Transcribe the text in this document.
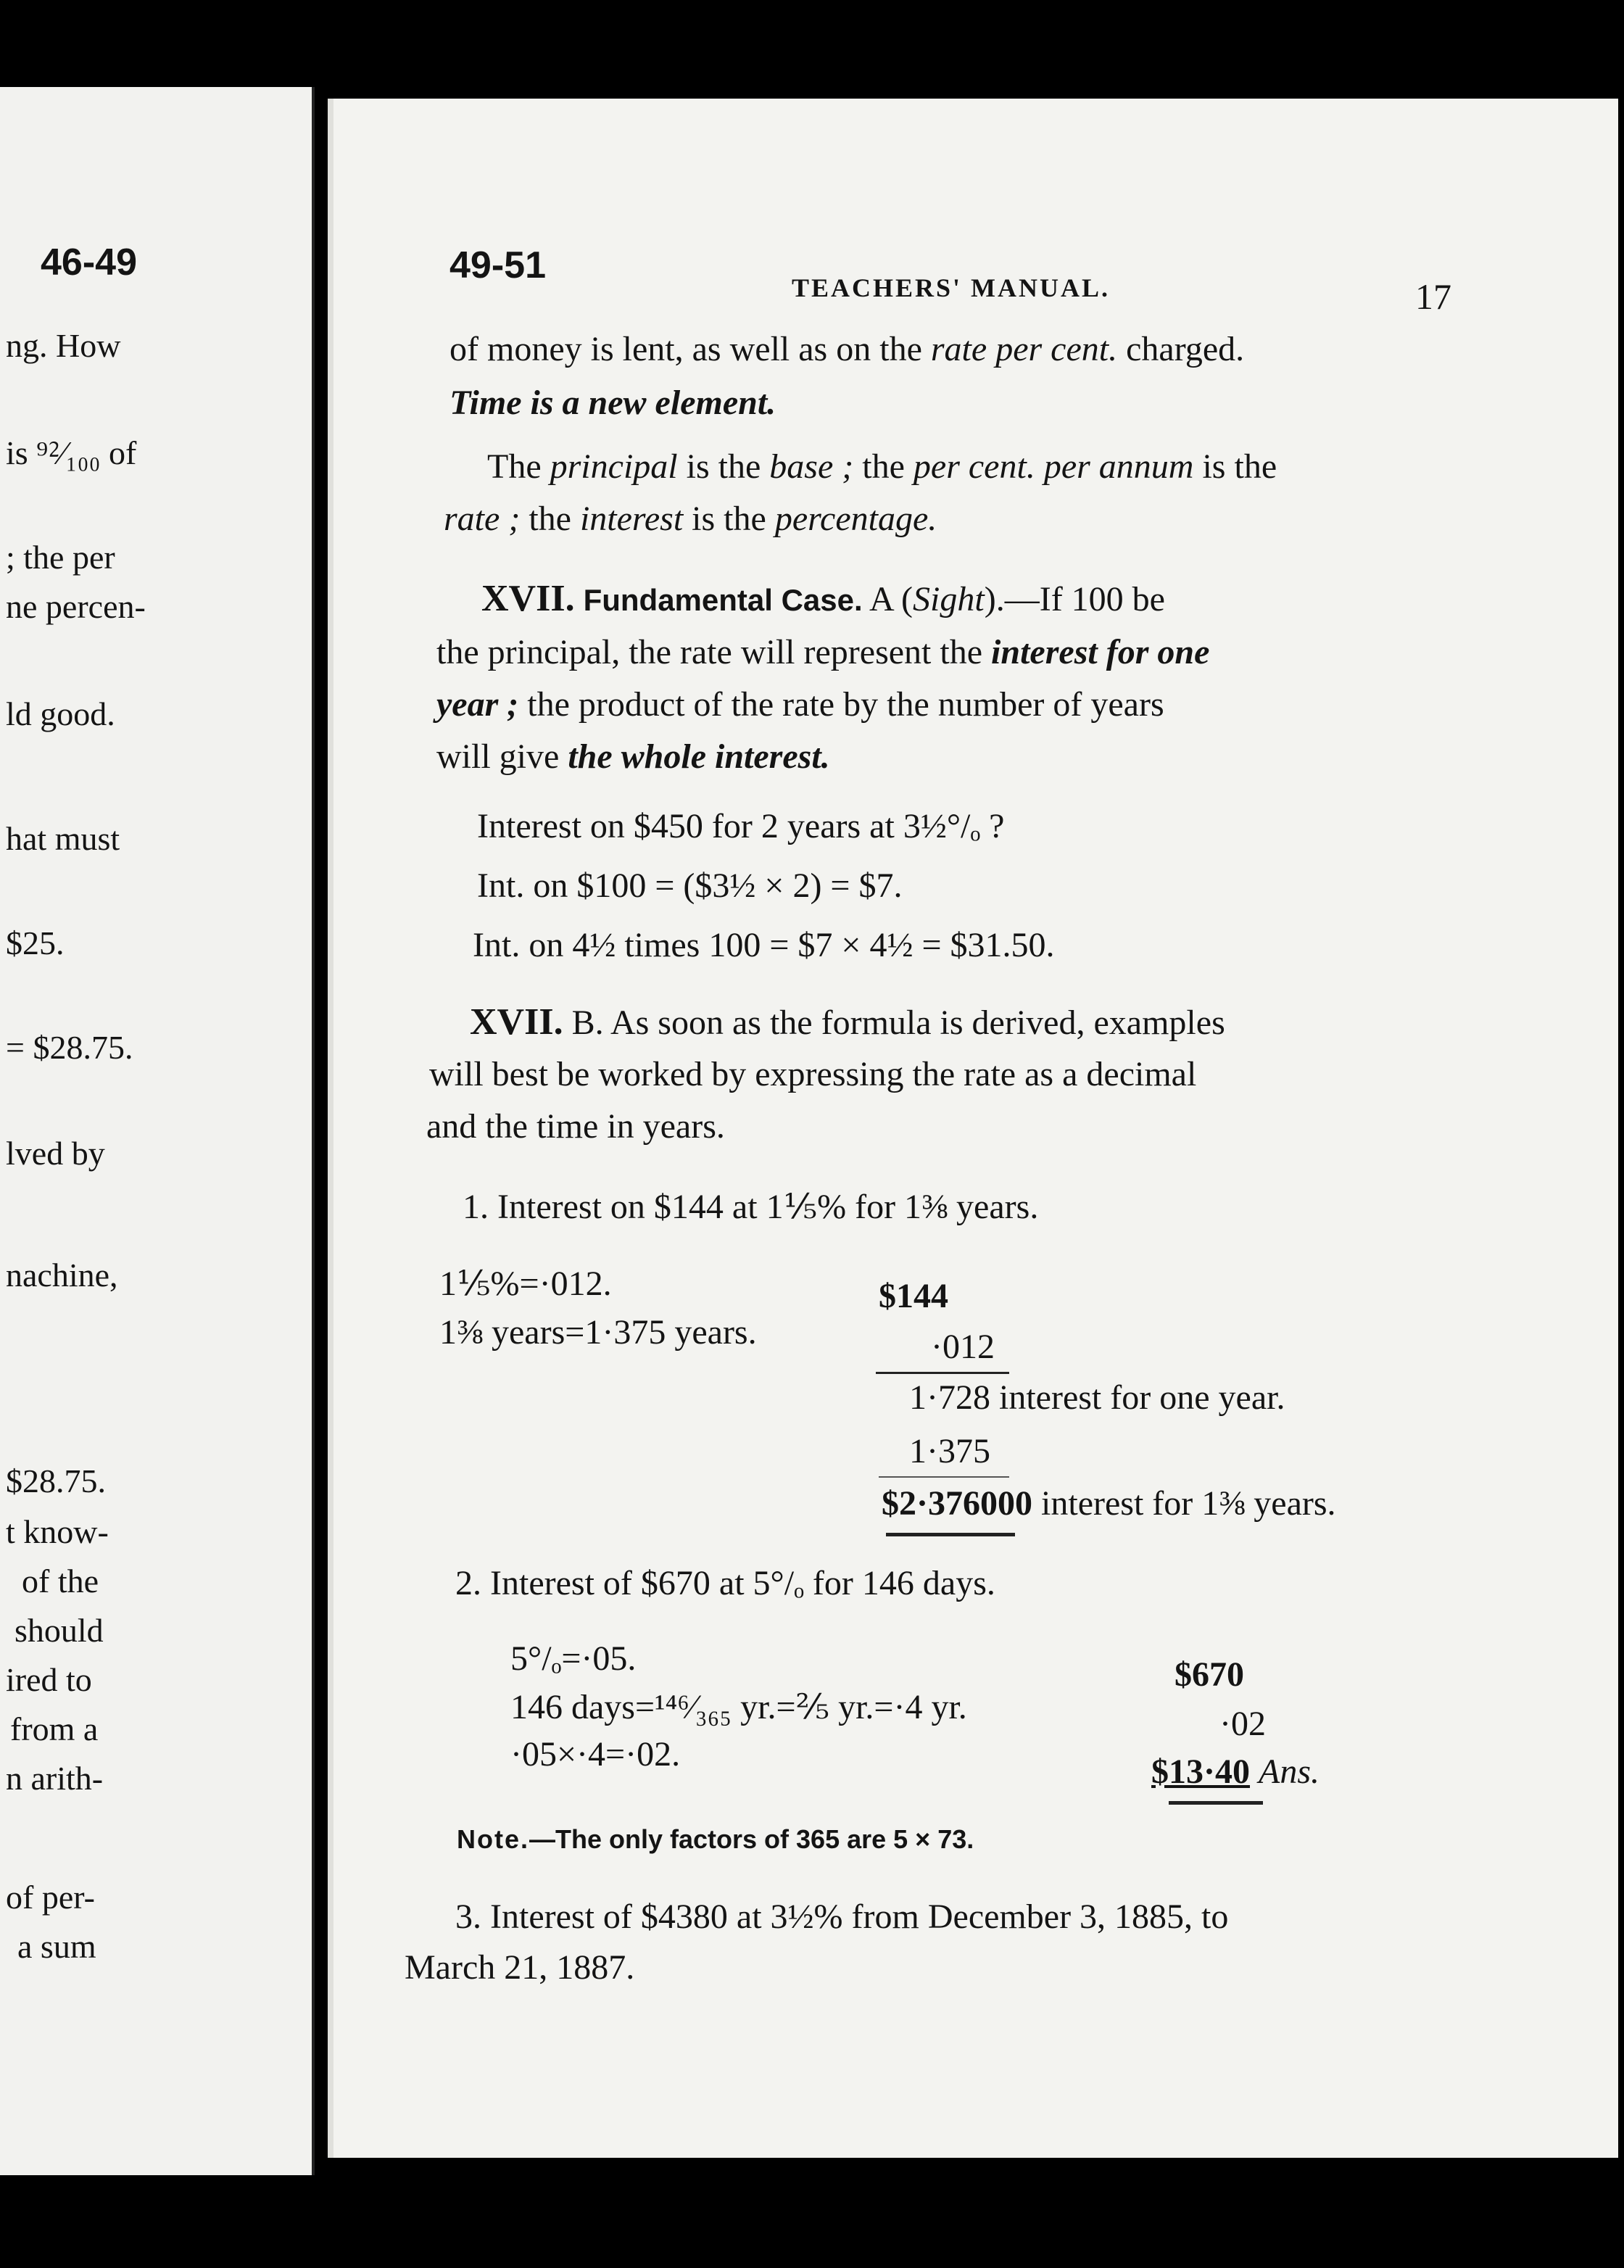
46-49
ng. How
is ⁹⁲⁄₁₀₀ of
; the per
ne percen-
ld good.
hat must
$25.
= $28.75.
lved by
nachine,
$28.75.
t know-
of the
should
ired to
from a
n arith-
of per-
a sum
49-51
TEACHERS' MANUAL.	17
of money is lent, as well as on the rate per cent. charged.
Time is a new element.
The principal is the base ; the per cent. per annum is the
rate ; the interest is the percentage.
XVII. Fundamental Case. A (Sight).—If 100 be
the principal, the rate will represent the interest for one
year ; the product of the rate by the number of years
will give the whole interest.
Interest on $450 for 2 years at 3½°/ₒ ?
Int. on $100 = ($3½ × 2) = $7.
Int. on 4½ times 100 = $7 × 4½ = $31.50.
XVII. B. As soon as the formula is derived, examples
will best be worked by expressing the rate as a decimal
and the time in years.
1. Interest on $144 at 1⅕% for 1⅜ years.
1⅕%=·012.
1⅜ years=1·375 years.
$144
·012
1·728 interest for one year.
1·375
$2·376000 interest for 1⅜ years.
2. Interest of $670 at 5°/ₒ for 146 days.
5°/ₒ=·05.
146 days=¹⁴⁶⁄₃₆₅ yr.=⅖ yr.=·4 yr.
·05×·4=·02.
$670
·02
$13·40 Ans.
Note.—The only factors of 365 are 5 × 73.
3. Interest of $4380 at 3½% from December 3, 1885, to
March 21, 1887.
